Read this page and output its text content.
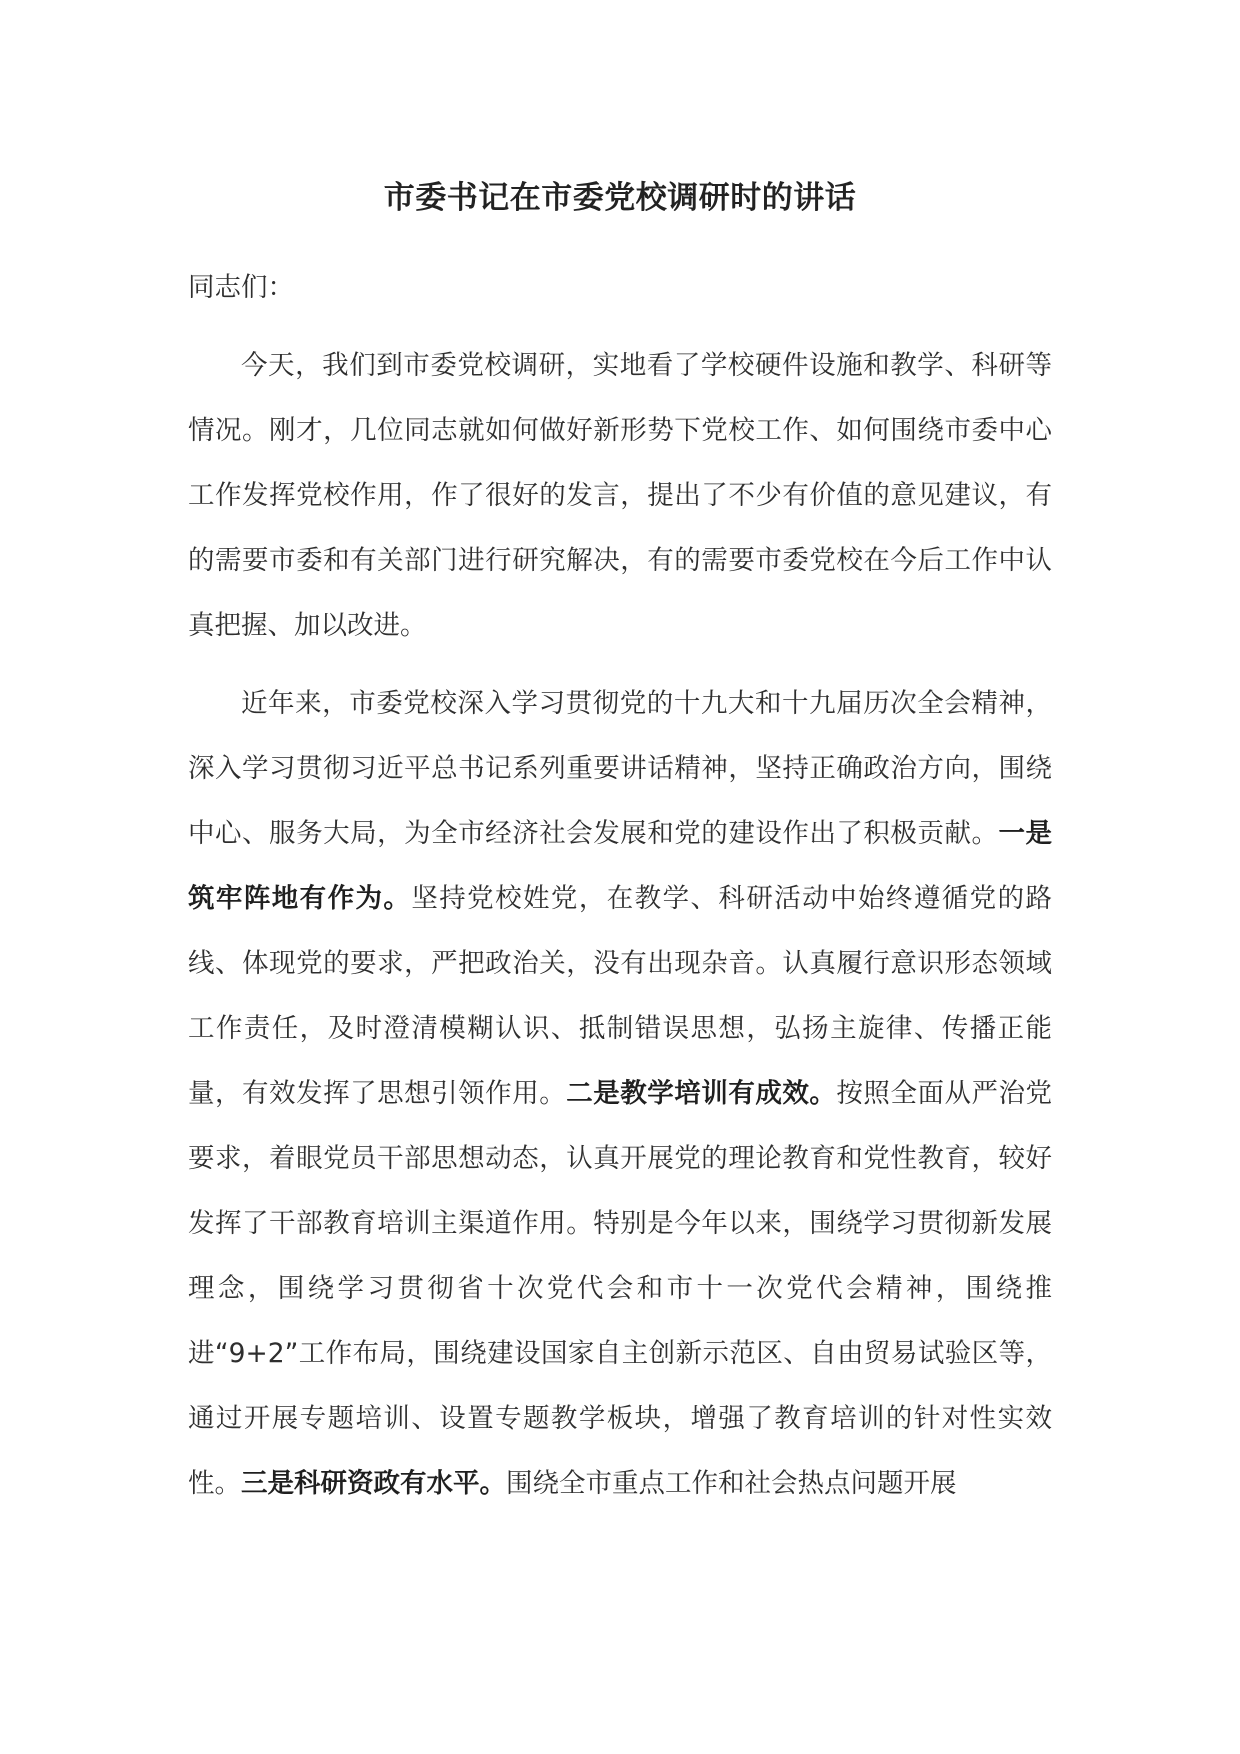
市委书记在市委党校调研时的讲话

同志们：

今天，我们到市委党校调研，实地看了学校硬件设施和教学、科研等情况。刚才，几位同志就如何做好新形势下党校工作、如何围绕市委中心工作发挥党校作用，作了很好的发言，提出了不少有价值的意见建议，有的需要市委和有关部门进行研究解决，有的需要市委党校在今后工作中认真把握、加以改进。

近年来，市委党校深入学习贯彻党的十九大和十九届历次全会精神，深入学习贯彻习近平总书记系列重要讲话精神，坚持正确政治方向，围绕中心、服务大局，为全市经济社会发展和党的建设作出了积极贡献。一是筑牢阵地有作为。坚持党校姓党，在教学、科研活动中始终遵循党的路线、体现党的要求，严把政治关，没有出现杂音。认真履行意识形态领域工作责任，及时澄清模糊认识、抵制错误思想，弘扬主旋律、传播正能量，有效发挥了思想引领作用。二是教学培训有成效。按照全面从严治党要求，着眼党员干部思想动态，认真开展党的理论教育和党性教育，较好发挥了干部教育培训主渠道作用。特别是今年以来，围绕学习贯彻新发展理念，围绕学习贯彻省十次党代会和市十一次党代会精神，围绕推进“9+2”工作布局，围绕建设国家自主创新示范区、自由贸易试验区等，通过开展专题培训、设置专题教学板块，增强了教育培训的针对性实效性。三是科研资政有水平。围绕全市重点工作和社会热点问题开展
